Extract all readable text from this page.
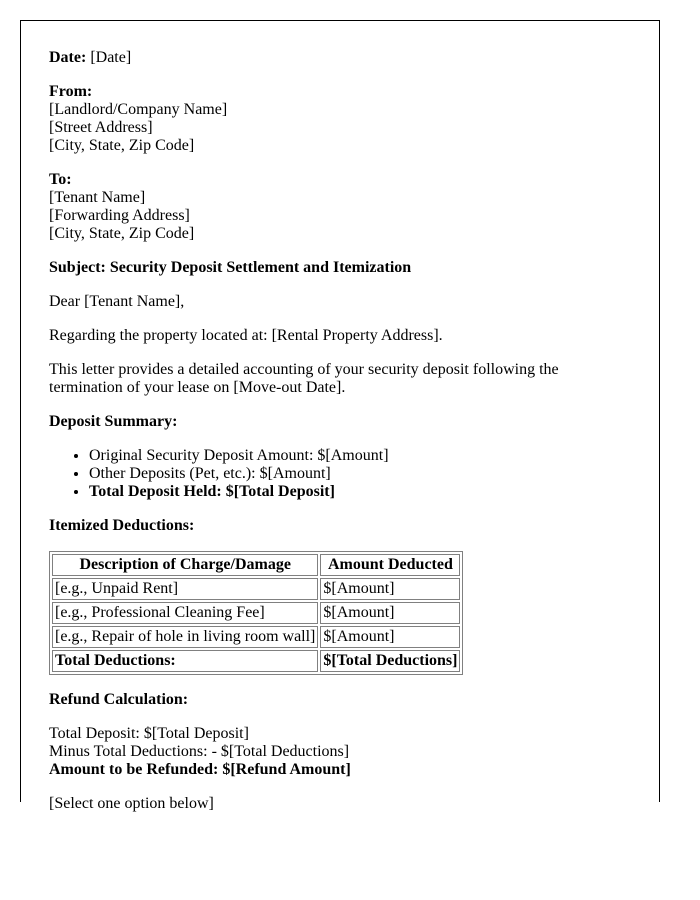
Date: [Date]

From:
[Landlord/Company Name]
[Street Address]
[City, State, Zip Code]

To:
[Tenant Name]
[Forwarding Address]
[City, State, Zip Code]

Subject: Security Deposit Settlement and Itemization

Dear [Tenant Name],

Regarding the property located at: [Rental Property Address].

This letter provides a detailed accounting of your security deposit following the termination of your lease on [Move-out Date].

Deposit Summary:

• Original Security Deposit Amount: $[Amount]
• Other Deposits (Pet, etc.): $[Amount]
• Total Deposit Held: $[Total Deposit]

Itemized Deductions:

Description of Charge/Damage	Amount Deducted
[e.g., Unpaid Rent]	$[Amount]
[e.g., Professional Cleaning Fee]	$[Amount]
[e.g., Repair of hole in living room wall]	$[Amount]
Total Deductions:	$[Total Deductions]

Refund Calculation:

Total Deposit: $[Total Deposit]
Minus Total Deductions: - $[Total Deductions]
Amount to be Refunded: $[Refund Amount]

[Select one option below]
